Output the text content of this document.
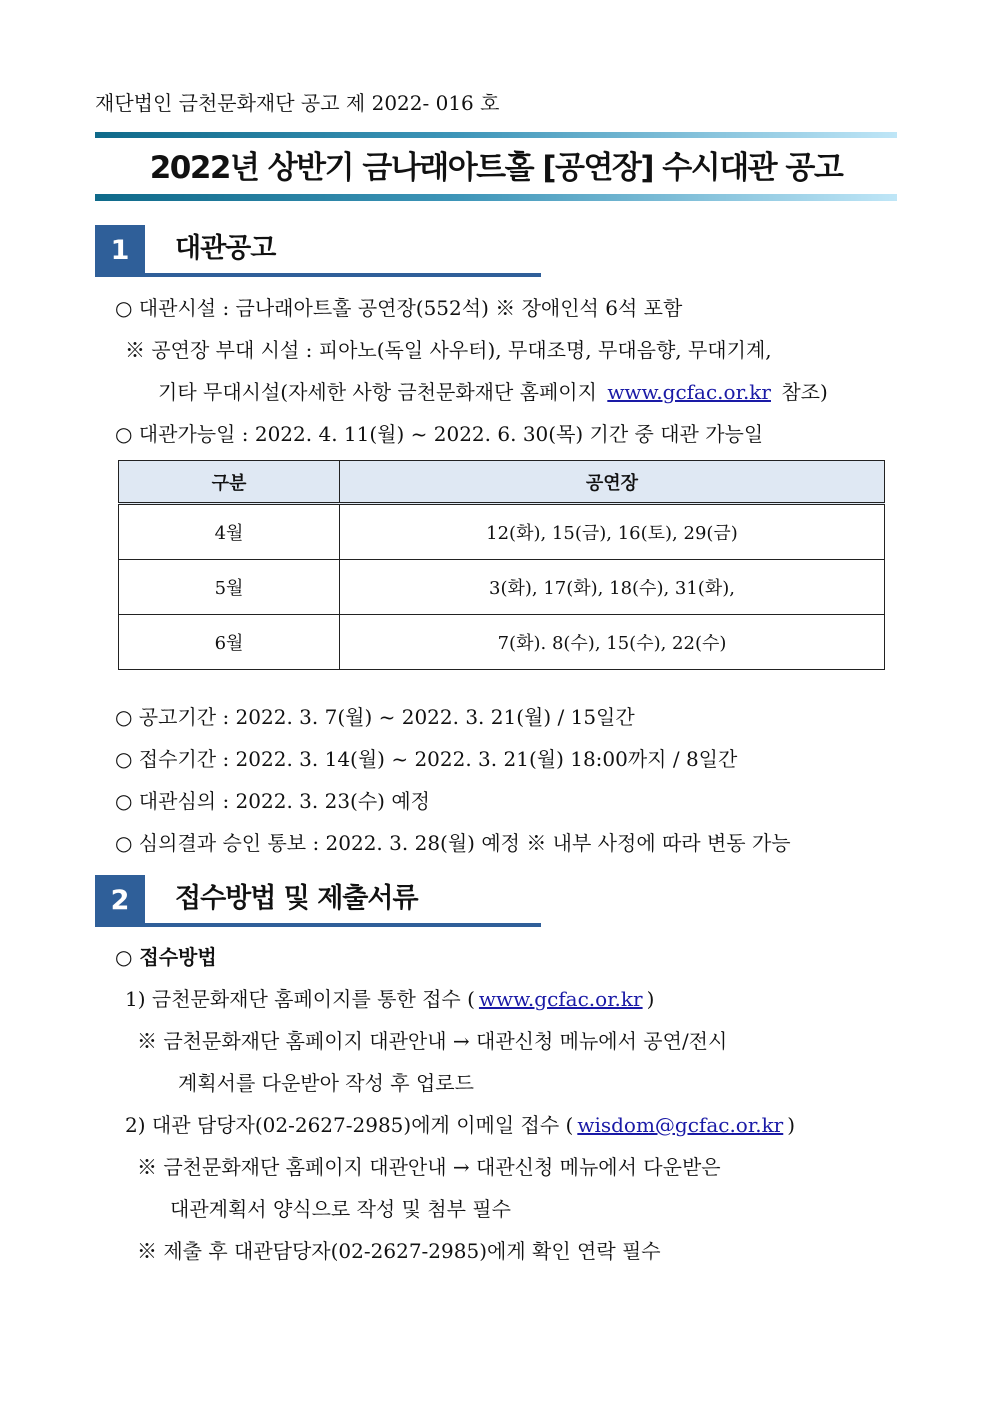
재단법인 금천문화재단 공고 제 2022- 016 호
2022년 상반기 금나래아트홀 [공연장] 수시대관 공고
1	대관공고
○ 대관시설 : 금나래아트홀 공연장(552석) ※ 장애인석 6석 포함
※ 공연장 부대 시설 : 피아노(독일 사우터), 무대조명, 무대음향, 무대기계,
기타 무대시설(자세한 사항 금천문화재단 홈페이지 www.gcfac.or.kr 참조)
○ 대관가능일 : 2022. 4. 11(월) ~ 2022. 6. 30(목) 기간 중 대관 가능일
구분	공연장
4월	12(화), 15(금), 16(토), 29(금)
5월	3(화), 17(화), 18(수), 31(화),
6월	7(화). 8(수), 15(수), 22(수)
○ 공고기간 : 2022. 3. 7(월) ~ 2022. 3. 21(월) / 15일간
○ 접수기간 : 2022. 3. 14(월) ~ 2022. 3. 21(월) 18:00까지 / 8일간
○ 대관심의 : 2022. 3. 23(수) 예정
○ 심의결과 승인 통보 : 2022. 3. 28(월) 예정 ※ 내부 사정에 따라 변동 가능
2	접수방법 및 제출서류
○ 접수방법
1) 금천문화재단 홈페이지를 통한 접수 ( www.gcfac.or.kr )
※ 금천문화재단 홈페이지 대관안내 → 대관신청 메뉴에서 공연/전시
계획서를 다운받아 작성 후 업로드
2) 대관 담당자(02-2627-2985)에게 이메일 접수 ( wisdom@gcfac.or.kr )
※ 금천문화재단 홈페이지 대관안내 → 대관신청 메뉴에서 다운받은
대관계획서 양식으로 작성 및 첨부 필수
※ 제출 후 대관담당자(02-2627-2985)에게 확인 연락 필수
